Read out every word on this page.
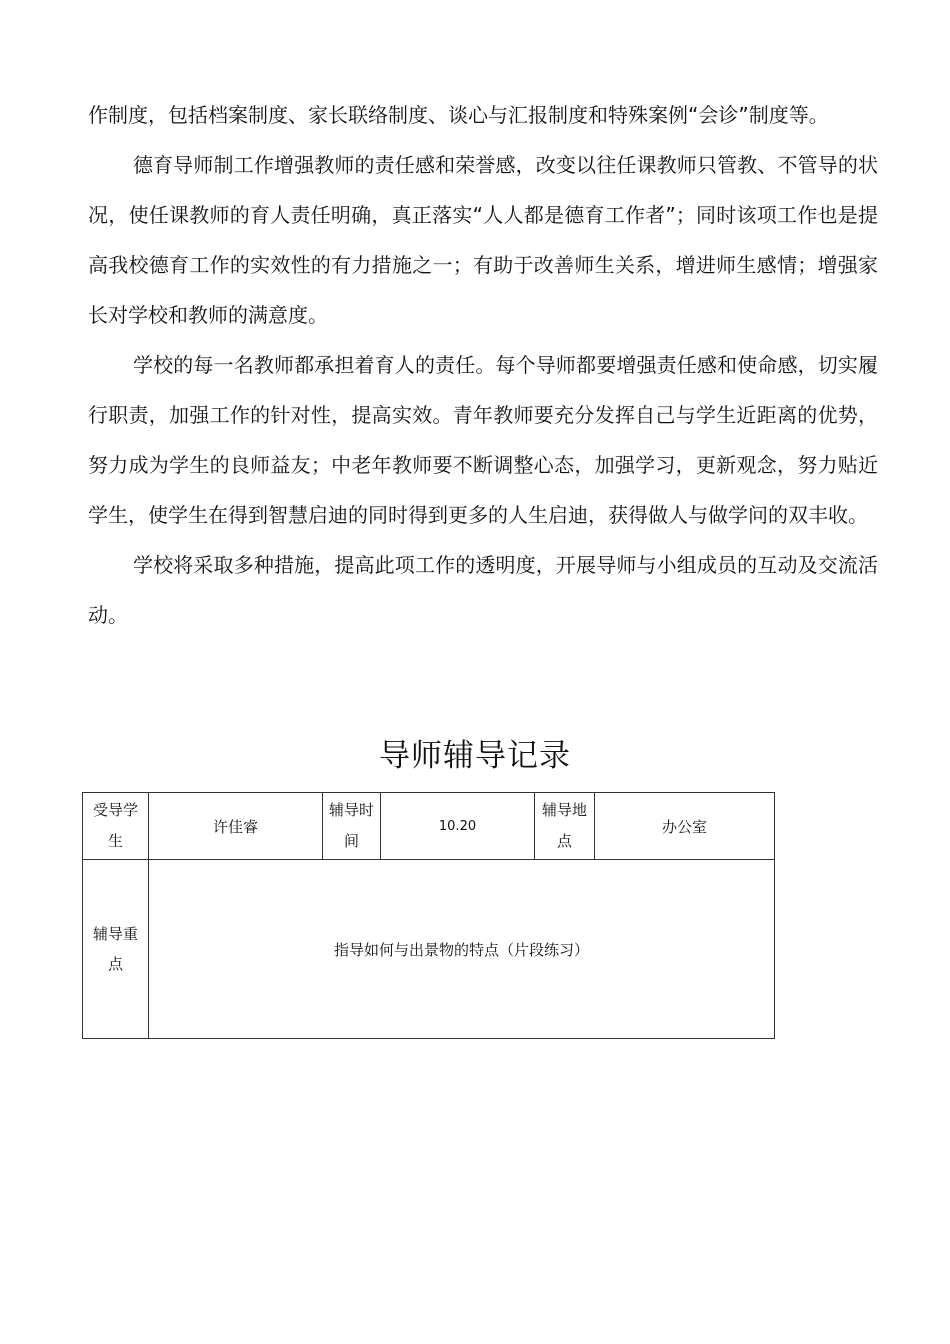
作制度，包括档案制度、家长联络制度、谈心与汇报制度和特殊案例“会诊”制度等。

德育导师制工作增强教师的责任感和荣誉感，改变以往任课教师只管教、不管导的状况，使任课教师的育人责任明确，真正落实“人人都是德育工作者”；同时该项工作也是提高我校德育工作的实效性的有力措施之一；有助于改善师生关系，增进师生感情；增强家长对学校和教师的满意度。

学校的每一名教师都承担着育人的责任。每个导师都要增强责任感和使命感，切实履行职责，加强工作的针对性，提高实效。青年教师要充分发挥自己与学生近距离的优势，努力成为学生的良师益友；中老年教师要不断调整心态，加强学习，更新观念，努力贴近学生，使学生在得到智慧启迪的同时得到更多的人生启迪，获得做人与做学问的双丰收。

学校将采取多种措施，提高此项工作的透明度，开展导师与小组成员的互动及交流活动。

导师辅导记录
受导学生	许佳睿	辅导时间	10.20	辅导地点	办公室
辅导重点	指导如何与出景物的特点（片段练习）				
